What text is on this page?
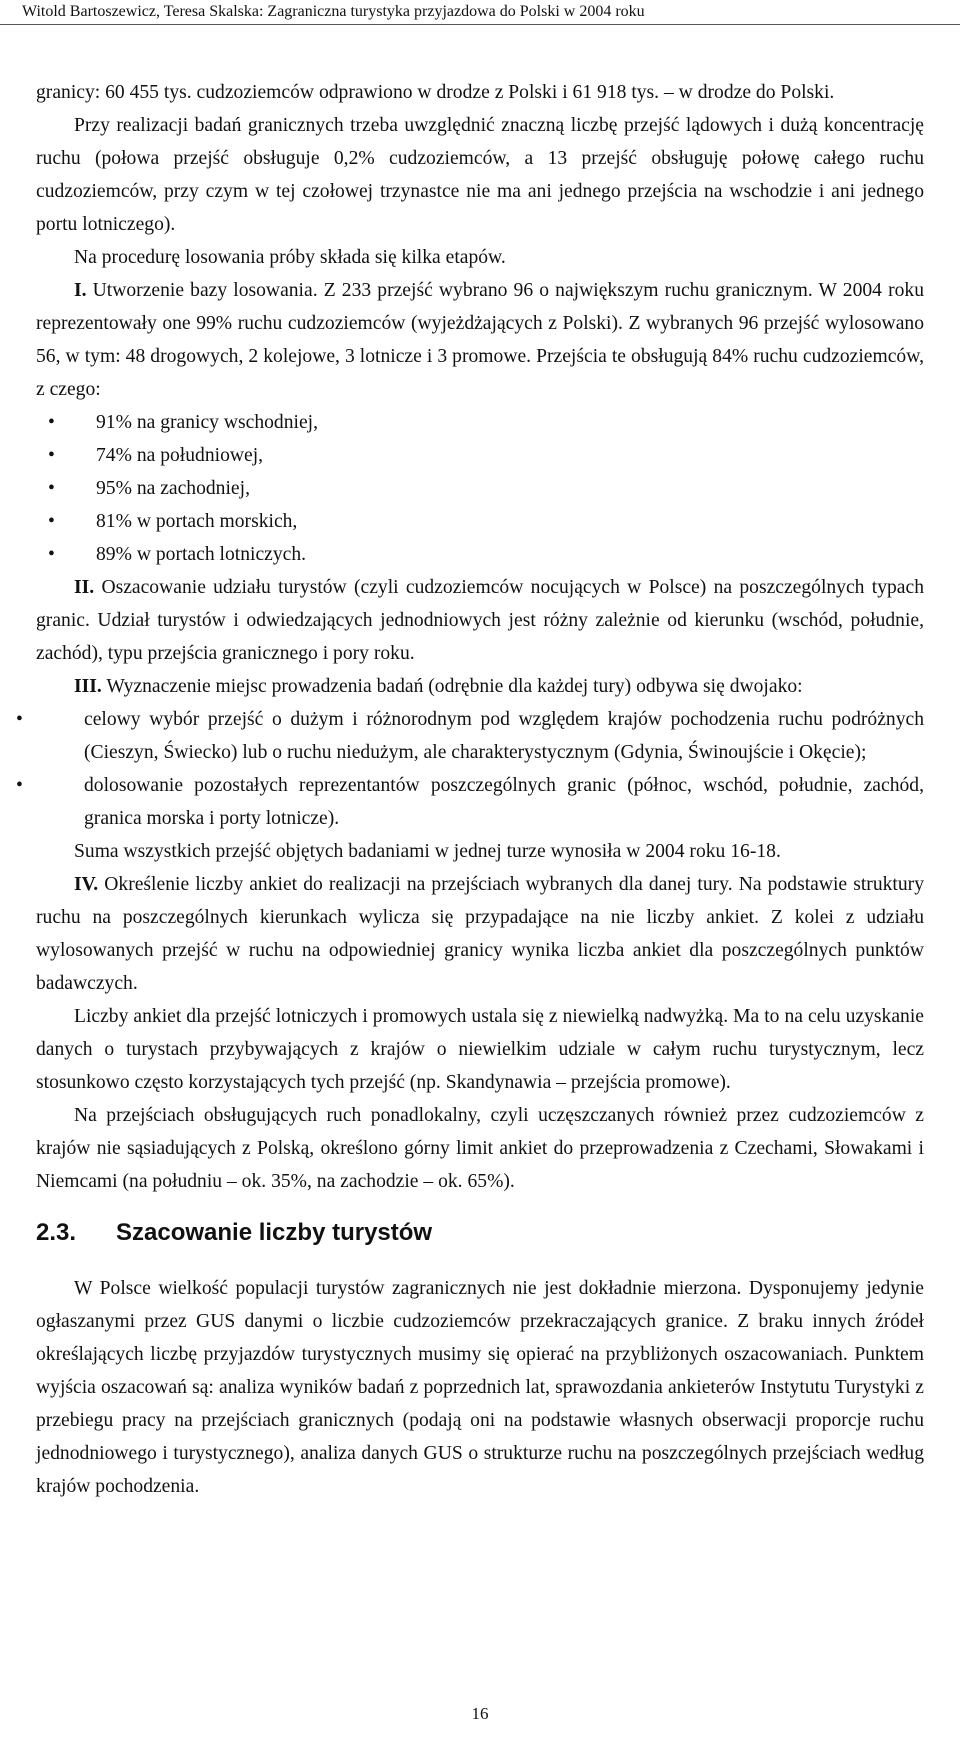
Witold Bartoszewicz, Teresa Skalska: Zagraniczna turystyka przyjazdowa do Polski w 2004 roku

granicy: 60 455 tys. cudzoziemców odprawiono w drodze z Polski i 61 918 tys. – w drodze do Polski.

Przy realizacji badań granicznych trzeba uwzględnić znaczną liczbę przejść lądowych i dużą koncentrację ruchu (połowa przejść obsługuje 0,2% cudzoziemców, a 13 przejść obsługuję połowę całego ruchu cudzoziemców, przy czym w tej czołowej trzynastce nie ma ani jednego przejścia na wschodzie i ani jednego portu lotniczego).

Na procedurę losowania próby składa się kilka etapów.

I. Utworzenie bazy losowania. Z 233 przejść wybrano 96 o największym ruchu granicznym. W 2004 roku reprezentowały one 99% ruchu cudzoziemców (wyjeżdżających z Polski). Z wybranych 96 przejść wylosowano 56, w tym: 48 drogowych, 2 kolejowe, 3 lotnicze i 3 promowe. Przejścia te obsługują 84% ruchu cudzoziemców, z czego:

• 91% na granicy wschodniej,
• 74% na południowej,
• 95% na zachodniej,
• 81% w portach morskich,
• 89% w portach lotniczych.

II. Oszacowanie udziału turystów (czyli cudzoziemców nocujących w Polsce) na poszczególnych typach granic. Udział turystów i odwiedzających jednodniowych jest różny zależnie od kierunku (wschód, południe, zachód), typu przejścia granicznego i pory roku.

III. Wyznaczenie miejsc prowadzenia badań (odrębnie dla każdej tury) odbywa się dwojako:

•	celowy wybór przejść o dużym i różnorodnym pod względem krajów pochodzenia ruchu podróżnych (Cieszyn, Świecko) lub o ruchu niedużym, ale charakterystycznym (Gdynia, Świnoujście i Okęcie);
•	dolosowanie pozostałych reprezentantów poszczególnych granic (północ, wschód, południe, zachód, granica morska i porty lotnicze).

Suma wszystkich przejść objętych badaniami w jednej turze wynosiła w 2004 roku 16-18.

IV. Określenie liczby ankiet do realizacji na przejściach wybranych dla danej tury. Na podstawie struktury ruchu na poszczególnych kierunkach wylicza się przypadające na nie liczby ankiet. Z kolei z udziału wylosowanych przejść w ruchu na odpowiedniej granicy wynika liczba ankiet dla poszczególnych punktów badawczych.

Liczby ankiet dla przejść lotniczych i promowych ustala się z niewielką nadwyżką. Ma to na celu uzyskanie danych o turystach przybywających z krajów o niewielkim udziale w całym ruchu turystycznym, lecz stosunkowo często korzystających tych przejść (np. Skandynawia – przejścia promowe).

Na przejściach obsługujących ruch ponadlokalny, czyli uczęszczanych również przez cudzoziemców z krajów nie sąsiadujących z Polską, określono górny limit ankiet do przeprowadzenia z Czechami, Słowakami i Niemcami (na południu – ok. 35%, na zachodzie – ok. 65%).

2.3.	Szacowanie liczby turystów

W Polsce wielkość populacji turystów zagranicznych nie jest dokładnie mierzona. Dysponujemy jedynie ogłaszanymi przez GUS danymi o liczbie cudzoziemców przekraczających granice. Z braku innych źródeł określających liczbę przyjazdów turystycznych musimy się opierać na przybliżonych oszacowaniach. Punktem wyjścia oszacowań są: analiza wyników badań z poprzednich lat, sprawozdania ankieterów Instytutu Turystyki z przebiegu pracy na przejściach granicznych (podają oni na podstawie własnych obserwacji proporcje ruchu jednodniowego i turystycznego), analiza danych GUS o strukturze ruchu na poszczególnych przejściach według krajów pochodzenia.

16
